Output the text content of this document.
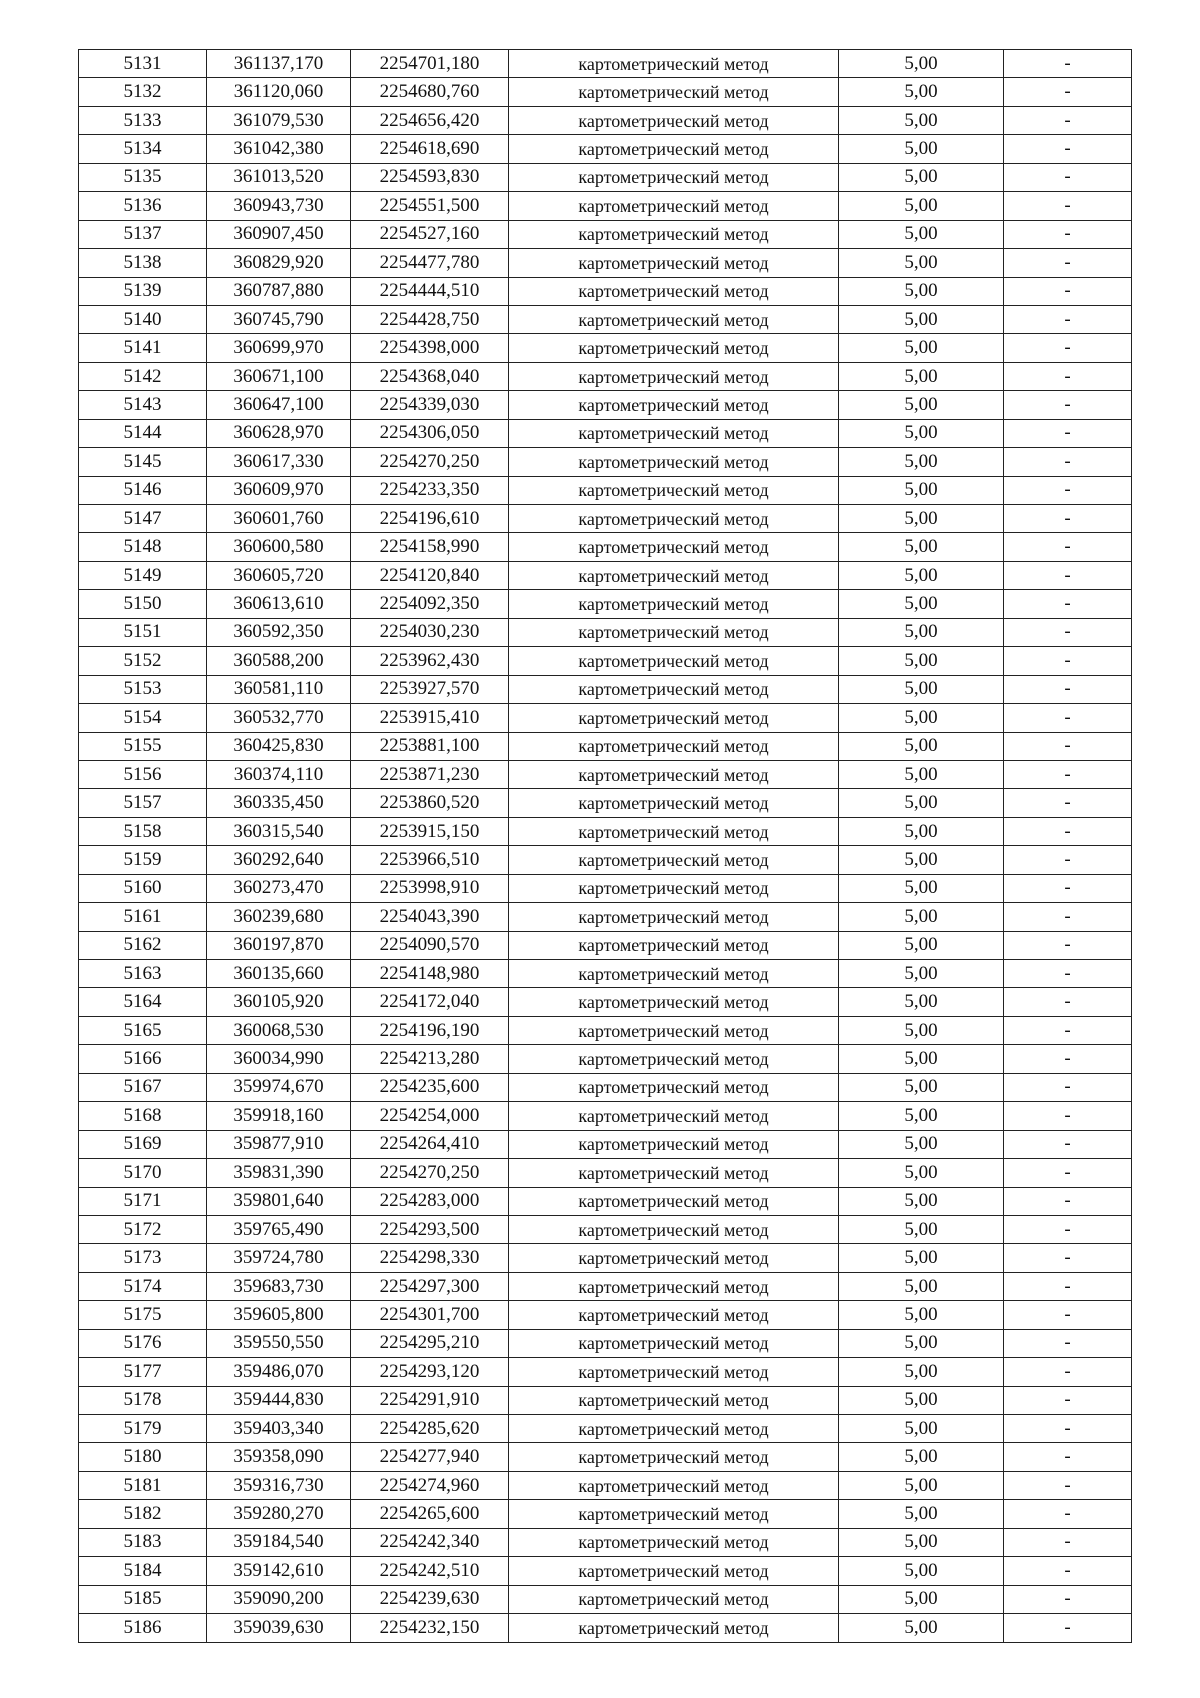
5131	361137,170	2254701,180	картометрический метод	5,00	-
5132	361120,060	2254680,760	картометрический метод	5,00	-
5133	361079,530	2254656,420	картометрический метод	5,00	-
5134	361042,380	2254618,690	картометрический метод	5,00	-
5135	361013,520	2254593,830	картометрический метод	5,00	-
5136	360943,730	2254551,500	картометрический метод	5,00	-
5137	360907,450	2254527,160	картометрический метод	5,00	-
5138	360829,920	2254477,780	картометрический метод	5,00	-
5139	360787,880	2254444,510	картометрический метод	5,00	-
5140	360745,790	2254428,750	картометрический метод	5,00	-
5141	360699,970	2254398,000	картометрический метод	5,00	-
5142	360671,100	2254368,040	картометрический метод	5,00	-
5143	360647,100	2254339,030	картометрический метод	5,00	-
5144	360628,970	2254306,050	картометрический метод	5,00	-
5145	360617,330	2254270,250	картометрический метод	5,00	-
5146	360609,970	2254233,350	картометрический метод	5,00	-
5147	360601,760	2254196,610	картометрический метод	5,00	-
5148	360600,580	2254158,990	картометрический метод	5,00	-
5149	360605,720	2254120,840	картометрический метод	5,00	-
5150	360613,610	2254092,350	картометрический метод	5,00	-
5151	360592,350	2254030,230	картометрический метод	5,00	-
5152	360588,200	2253962,430	картометрический метод	5,00	-
5153	360581,110	2253927,570	картометрический метод	5,00	-
5154	360532,770	2253915,410	картометрический метод	5,00	-
5155	360425,830	2253881,100	картометрический метод	5,00	-
5156	360374,110	2253871,230	картометрический метод	5,00	-
5157	360335,450	2253860,520	картометрический метод	5,00	-
5158	360315,540	2253915,150	картометрический метод	5,00	-
5159	360292,640	2253966,510	картометрический метод	5,00	-
5160	360273,470	2253998,910	картометрический метод	5,00	-
5161	360239,680	2254043,390	картометрический метод	5,00	-
5162	360197,870	2254090,570	картометрический метод	5,00	-
5163	360135,660	2254148,980	картометрический метод	5,00	-
5164	360105,920	2254172,040	картометрический метод	5,00	-
5165	360068,530	2254196,190	картометрический метод	5,00	-
5166	360034,990	2254213,280	картометрический метод	5,00	-
5167	359974,670	2254235,600	картометрический метод	5,00	-
5168	359918,160	2254254,000	картометрический метод	5,00	-
5169	359877,910	2254264,410	картометрический метод	5,00	-
5170	359831,390	2254270,250	картометрический метод	5,00	-
5171	359801,640	2254283,000	картометрический метод	5,00	-
5172	359765,490	2254293,500	картометрический метод	5,00	-
5173	359724,780	2254298,330	картометрический метод	5,00	-
5174	359683,730	2254297,300	картометрический метод	5,00	-
5175	359605,800	2254301,700	картометрический метод	5,00	-
5176	359550,550	2254295,210	картометрический метод	5,00	-
5177	359486,070	2254293,120	картометрический метод	5,00	-
5178	359444,830	2254291,910	картометрический метод	5,00	-
5179	359403,340	2254285,620	картометрический метод	5,00	-
5180	359358,090	2254277,940	картометрический метод	5,00	-
5181	359316,730	2254274,960	картометрический метод	5,00	-
5182	359280,270	2254265,600	картометрический метод	5,00	-
5183	359184,540	2254242,340	картометрический метод	5,00	-
5184	359142,610	2254242,510	картометрический метод	5,00	-
5185	359090,200	2254239,630	картометрический метод	5,00	-
5186	359039,630	2254232,150	картометрический метод	5,00	-
